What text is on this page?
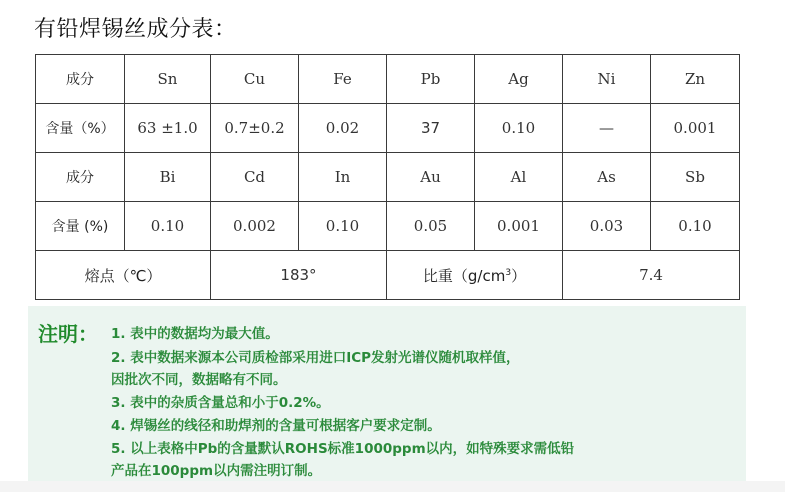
有铅焊锡丝成分表：
成分	Sn	Cu	Fe	Pb	Ag	Ni	Zn
含量（%）	63 ±1.0	0.7±0.2	0.02	37	0.10	—	0.001
成分	Bi	Cd	In	Au	Al	As	Sb
含量 (%)	0.10	0.002	0.10	0.05	0.001	0.03	0.10
熔点（℃）		183°		比重$(g/cm^3)$		7.4	
注明： 1. 表中的数据均为最大值。
2. 表中数据来源本公司质检部采用进口ICP发射光谱仪随机取样值，
因批次不同，数据略有不同。
3. 表中的杂质含量总和小于0.2%。
4. 焊锡丝的线径和助焊剂的含量可根据客户要求定制。
5. 以上表格中Pb的含量默认ROHS标准1000ppm以内，如特殊要求需低铅
产品在100ppm以内需注明订制。
